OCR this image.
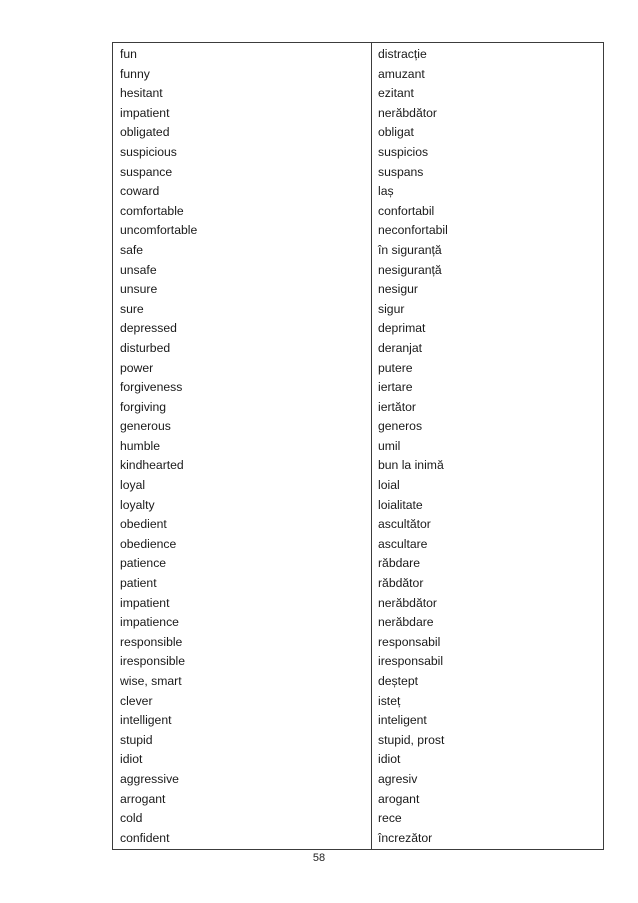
fun
funny
hesitant
impatient
obligated
suspicious
suspance
coward
comfortable
uncomfortable
safe
unsafe
unsure
sure
depressed
disturbed
power
forgiveness
forgiving
generous
humble
kindhearted
loyal
loyalty
obedient
obedience
patience
patient
impatient
impatience
responsible
iresponsible
wise, smart
clever
intelligent
stupid
idiot
aggressive
arrogant
cold
confident
distracție
amuzant
ezitant
nerăbdător
obligat
suspicios
suspans
laș
confortabil
neconfortabil
în siguranță
nesiguranță
nesigur
sigur
deprimat
deranjat
putere
iertare
iertător
generos
umil
bun la inimă
loial
loialitate
ascultător
ascultare
răbdare
răbdător
nerăbdător
nerăbdare
responsabil
iresponsabil
deștept
isteț
inteligent
stupid, prost
idiot
agresiv
arogant
rece
încrezător
58
